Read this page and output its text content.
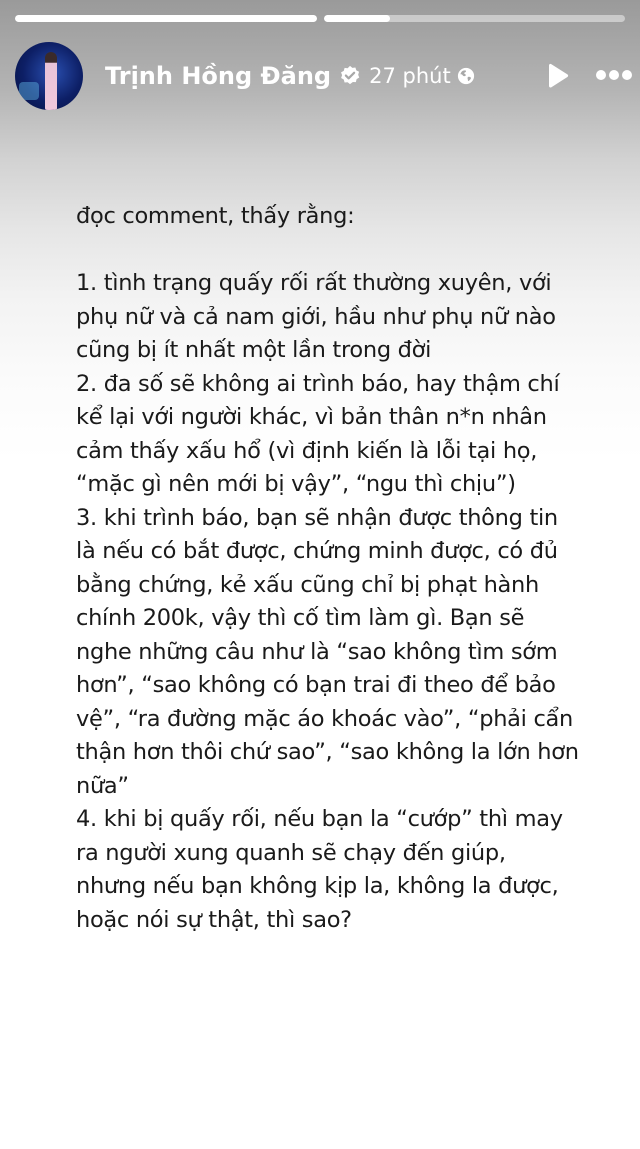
Trịnh Hồng Đăng 27 phút

đọc comment, thấy rằng:

1. tình trạng quấy rối rất thường xuyên, với

phụ nữ và cả nam giới, hầu như phụ nữ nào

cũng bị ít nhất một lần trong đời

2. đa số sẽ không ai trình báo, hay thậm chí

kể lại với người khác, vì bản thân n*n nhân

cảm thấy xấu hổ (vì định kiến là lỗi tại họ,

“mặc gì nên mới bị vậy”, “ngu thì chịu”)

3. khi trình báo, bạn sẽ nhận được thông tin

là nếu có bắt được, chứng minh được, có đủ

bằng chứng, kẻ xấu cũng chỉ bị phạt hành

chính 200k, vậy thì cố tìm làm gì. Bạn sẽ

nghe những câu như là “sao không tìm sớm

hơn”, “sao không có bạn trai đi theo để bảo

vệ”, “ra đường mặc áo khoác vào”, “phải cẩn

thận hơn thôi chứ sao”, “sao không la lớn hơn

nữa”

4. khi bị quấy rối, nếu bạn la “cướp” thì may

ra người xung quanh sẽ chạy đến giúp,

nhưng nếu bạn không kịp la, không la được,

hoặc nói sự thật, thì sao?
